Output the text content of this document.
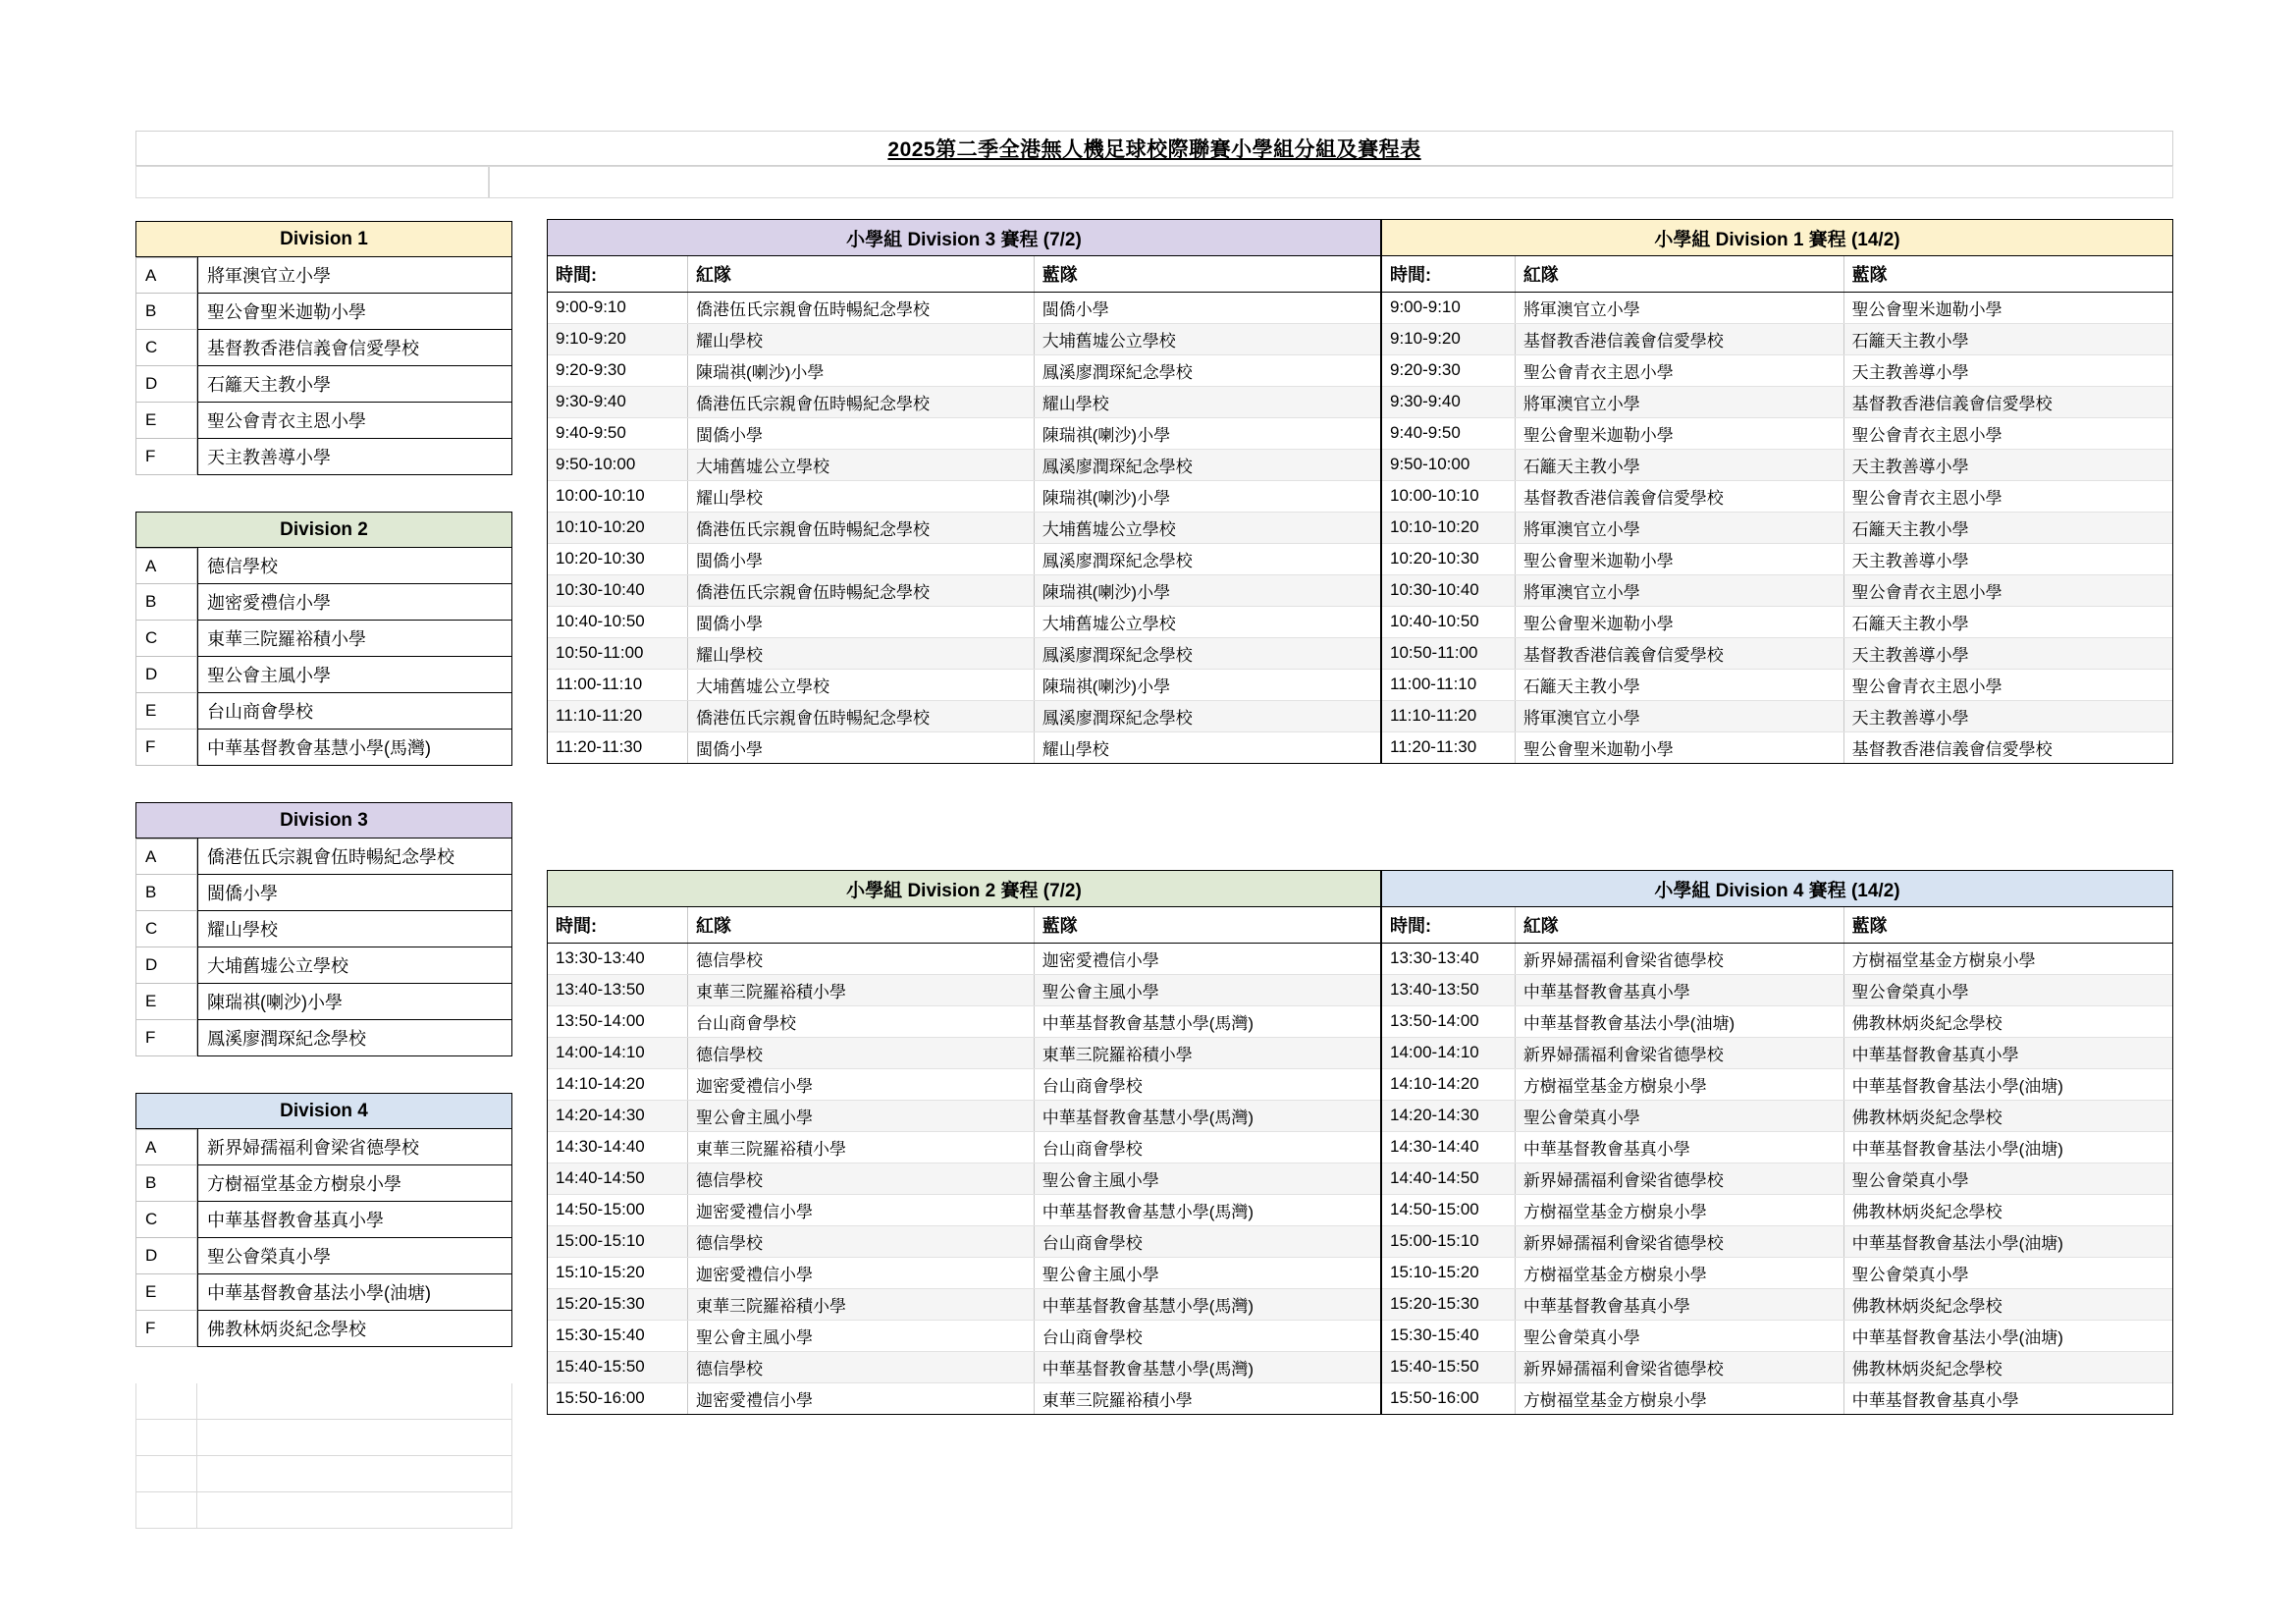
2025第二季全港無人機足球校際聯賽小學組分組及賽程表
Division 1
A	將軍澳官立小學
B	聖公會聖米迦勒小學
C	基督教香港信義會信愛學校
D	石籬天主教小學
E	聖公會青衣主恩小學
F	天主教善導小學
Division 2
A	德信學校
B	迦密愛禮信小學
C	東華三院羅裕積小學
D	聖公會主風小學
E	台山商會學校
F	中華基督教會基慧小學(馬灣)
Division 3
A	僑港伍氏宗親會伍時暢紀念學校
B	閩僑小學
C	耀山學校
D	大埔舊墟公立學校
E	陳瑞祺(喇沙)小學
F	鳳溪廖潤琛紀念學校
Division 4
A	新界婦孺福利會梁省德學校
B	方樹福堂基金方樹泉小學
C	中華基督教會基真小學
D	聖公會榮真小學
E	中華基督教會基法小學(油塘)
F	佛教林炳炎紀念學校
小學組 Division 3 賽程 (7/2)
時間:	紅隊	藍隊
9:00-9:10	僑港伍氏宗親會伍時暢紀念學校	閩僑小學
9:10-9:20	耀山學校	大埔舊墟公立學校
9:20-9:30	陳瑞祺(喇沙)小學	鳳溪廖潤琛紀念學校
9:30-9:40	僑港伍氏宗親會伍時暢紀念學校	耀山學校
9:40-9:50	閩僑小學	陳瑞祺(喇沙)小學
9:50-10:00	大埔舊墟公立學校	鳳溪廖潤琛紀念學校
10:00-10:10	耀山學校	陳瑞祺(喇沙)小學
10:10-10:20	僑港伍氏宗親會伍時暢紀念學校	大埔舊墟公立學校
10:20-10:30	閩僑小學	鳳溪廖潤琛紀念學校
10:30-10:40	僑港伍氏宗親會伍時暢紀念學校	陳瑞祺(喇沙)小學
10:40-10:50	閩僑小學	大埔舊墟公立學校
10:50-11:00	耀山學校	鳳溪廖潤琛紀念學校
11:00-11:10	大埔舊墟公立學校	陳瑞祺(喇沙)小學
11:10-11:20	僑港伍氏宗親會伍時暢紀念學校	鳳溪廖潤琛紀念學校
11:20-11:30	閩僑小學	耀山學校
小學組 Division 1 賽程 (14/2)
時間:	紅隊	藍隊
9:00-9:10	將軍澳官立小學	聖公會聖米迦勒小學
9:10-9:20	基督教香港信義會信愛學校	石籬天主教小學
9:20-9:30	聖公會青衣主恩小學	天主教善導小學
9:30-9:40	將軍澳官立小學	基督教香港信義會信愛學校
9:40-9:50	聖公會聖米迦勒小學	聖公會青衣主恩小學
9:50-10:00	石籬天主教小學	天主教善導小學
10:00-10:10	基督教香港信義會信愛學校	聖公會青衣主恩小學
10:10-10:20	將軍澳官立小學	石籬天主教小學
10:20-10:30	聖公會聖米迦勒小學	天主教善導小學
10:30-10:40	將軍澳官立小學	聖公會青衣主恩小學
10:40-10:50	聖公會聖米迦勒小學	石籬天主教小學
10:50-11:00	基督教香港信義會信愛學校	天主教善導小學
11:00-11:10	石籬天主教小學	聖公會青衣主恩小學
11:10-11:20	將軍澳官立小學	天主教善導小學
11:20-11:30	聖公會聖米迦勒小學	基督教香港信義會信愛學校
小學組 Division 2 賽程 (7/2)
時間:	紅隊	藍隊
13:30-13:40	德信學校	迦密愛禮信小學
13:40-13:50	東華三院羅裕積小學	聖公會主風小學
13:50-14:00	台山商會學校	中華基督教會基慧小學(馬灣)
14:00-14:10	德信學校	東華三院羅裕積小學
14:10-14:20	迦密愛禮信小學	台山商會學校
14:20-14:30	聖公會主風小學	中華基督教會基慧小學(馬灣)
14:30-14:40	東華三院羅裕積小學	台山商會學校
14:40-14:50	德信學校	聖公會主風小學
14:50-15:00	迦密愛禮信小學	中華基督教會基慧小學(馬灣)
15:00-15:10	德信學校	台山商會學校
15:10-15:20	迦密愛禮信小學	聖公會主風小學
15:20-15:30	東華三院羅裕積小學	中華基督教會基慧小學(馬灣)
15:30-15:40	聖公會主風小學	台山商會學校
15:40-15:50	德信學校	中華基督教會基慧小學(馬灣)
15:50-16:00	迦密愛禮信小學	東華三院羅裕積小學
小學組 Division 4 賽程 (14/2)
時間:	紅隊	藍隊
13:30-13:40	新界婦孺福利會梁省德學校	方樹福堂基金方樹泉小學
13:40-13:50	中華基督教會基真小學	聖公會榮真小學
13:50-14:00	中華基督教會基法小學(油塘)	佛教林炳炎紀念學校
14:00-14:10	新界婦孺福利會梁省德學校	中華基督教會基真小學
14:10-14:20	方樹福堂基金方樹泉小學	中華基督教會基法小學(油塘)
14:20-14:30	聖公會榮真小學	佛教林炳炎紀念學校
14:30-14:40	中華基督教會基真小學	中華基督教會基法小學(油塘)
14:40-14:50	新界婦孺福利會梁省德學校	聖公會榮真小學
14:50-15:00	方樹福堂基金方樹泉小學	佛教林炳炎紀念學校
15:00-15:10	新界婦孺福利會梁省德學校	中華基督教會基法小學(油塘)
15:10-15:20	方樹福堂基金方樹泉小學	聖公會榮真小學
15:20-15:30	中華基督教會基真小學	佛教林炳炎紀念學校
15:30-15:40	聖公會榮真小學	中華基督教會基法小學(油塘)
15:40-15:50	新界婦孺福利會梁省德學校	佛教林炳炎紀念學校
15:50-16:00	方樹福堂基金方樹泉小學	中華基督教會基真小學
